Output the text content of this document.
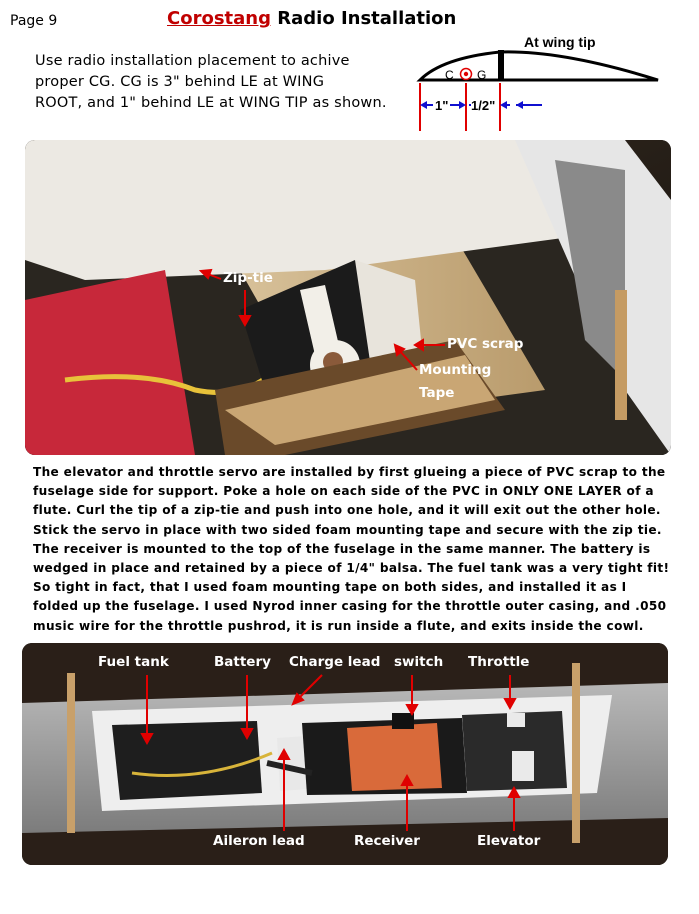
Page 9	Corostang Radio Installation
Use radio installation placement to achive
proper CG. CG is 3" behind LE at WING
ROOT, and 1" behind LE at WING TIP as shown.
At wing tip
C G
1" 1/2"
Zip-tie
PVC scrap
Mounting
Tape
The elevator and throttle servo are installed by first glueing a piece of PVC scrap to the fuselage side for support. Poke a hole on each side of the PVC in ONLY ONE LAYER of a flute. Curl the tip of a zip-tie and push into one hole, and it will exit out the other hole. Stick the servo in place with two sided foam mounting tape and secure with the zip tie. The receiver is mounted to the top of the fuselage in the same manner. The battery is wedged in place and retained by a piece of 1/4" balsa. The fuel tank was a very tight fit! So tight in fact, that I used foam mounting tape on both sides, and installed it as I folded up the fuselage. I used Nyrod inner casing for the throttle outer casing, and .050 music wire for the throttle pushrod, it is run inside a flute, and exits inside the cowl.
Fuel tank	Battery Charge lead switch Throttle
Aileron lead	Receiver	Elevator
